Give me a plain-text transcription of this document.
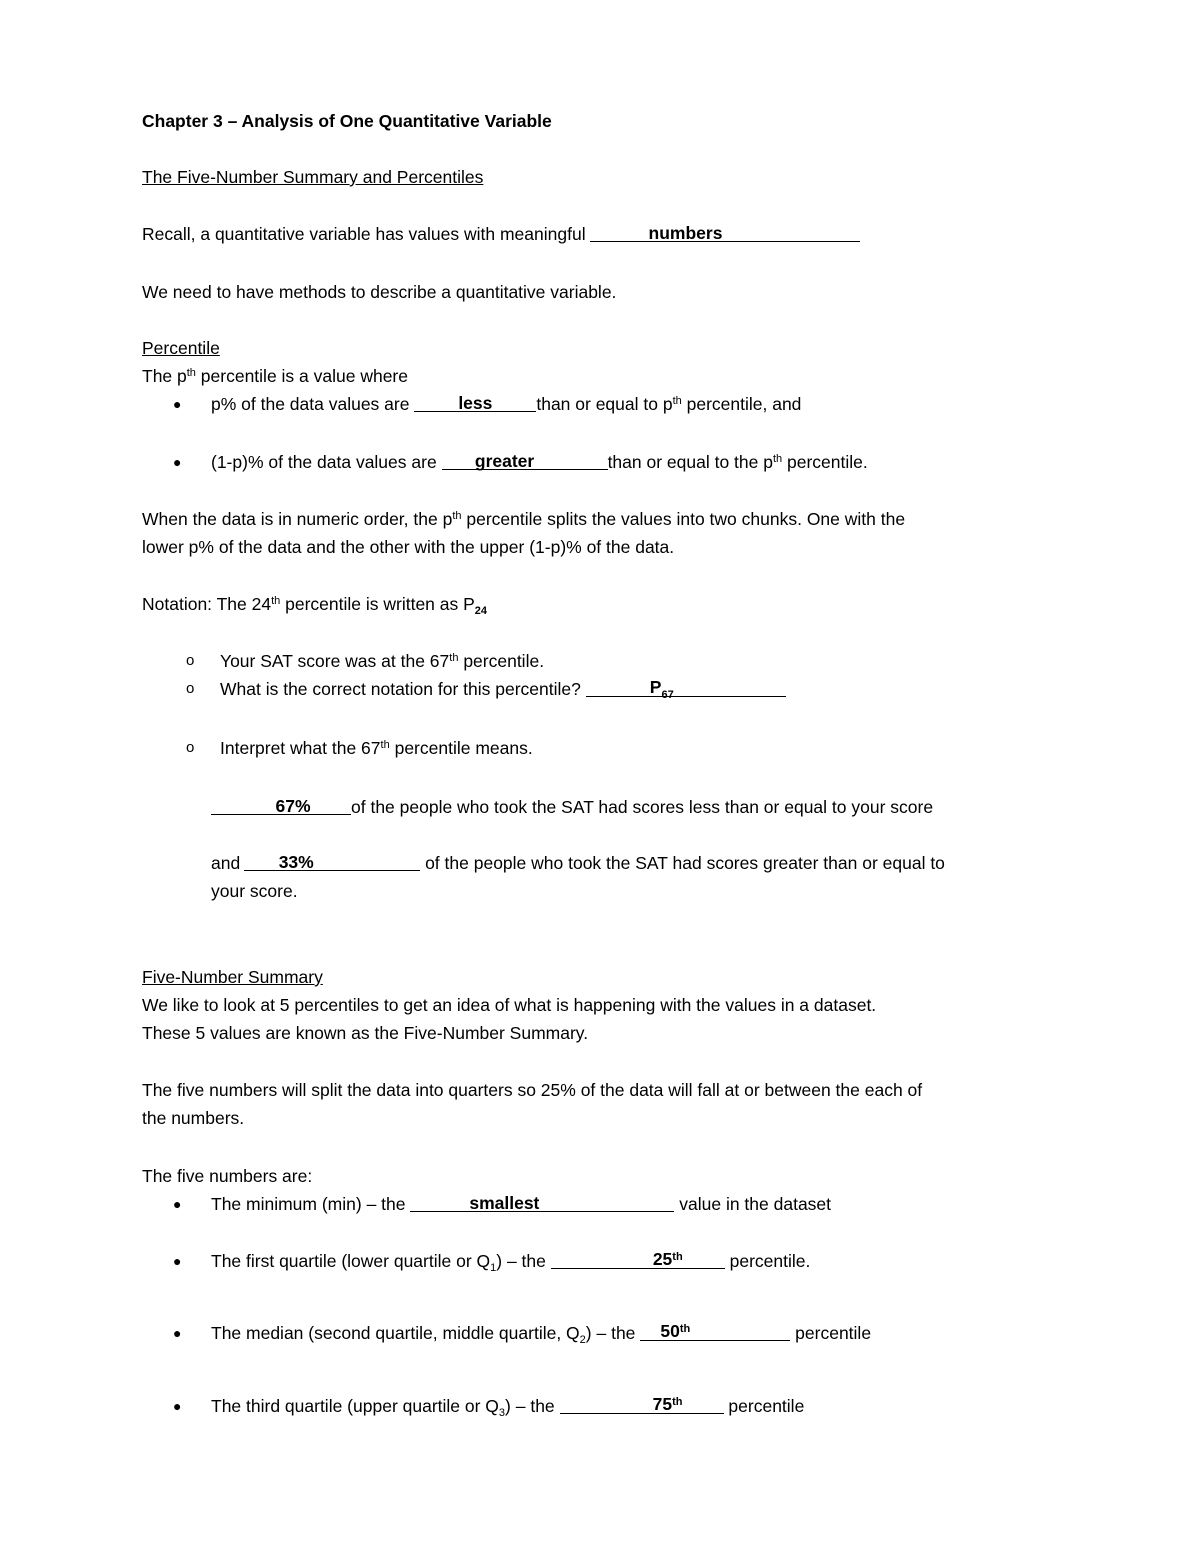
Chapter 3 – Analysis of One Quantitative Variable
The Five-Number Summary and Percentiles
Recall, a quantitative variable has values with meaningful	numbers
We need to have methods to describe a quantitative variable.
Percentile
The $p^{th}$ percentile is a value where
● p% of the data values are	less	than or equal to $p^{th}$ percentile, and
● (1-p)% of the data values are greater	than or equal to the $p^{th}$ percentile.
When the data is in numeric order, the $p^{th}$ percentile splits the values into two chunks. One with the
lower p% of the data and the other with the upper (1-p)% of the data.
Notation: The 24th percentile is written as $P_{24}$
o Your SAT score was at the 67th percentile.
o What is the correct notation for this percentile?	$P_{67}$
o Interpret what the 67th percentile means.
67% of the people who took the SAT had scores less than or equal to your score
and 33%	of the people who took the SAT had scores greater than or equal to
your score.
Five-Number Summary
We like to look at 5 percentiles to get an idea of what is happening with the values in a dataset.
These 5 values are known as the Five-Number Summary.
The five numbers will split the data into quarters so 25% of the data will fall at or between the each of
the numbers.
The five numbers are:
● The minimum (min) – the	smallest	value in the dataset
● The first quartile (lower quartile or $Q_1$) – the	25th	percentile.
● The median (second quartile, middle quartile, $Q_2$) – the 50th	percentile
● The third quartile (upper quartile or $Q_3$) – the	75th	percentile
